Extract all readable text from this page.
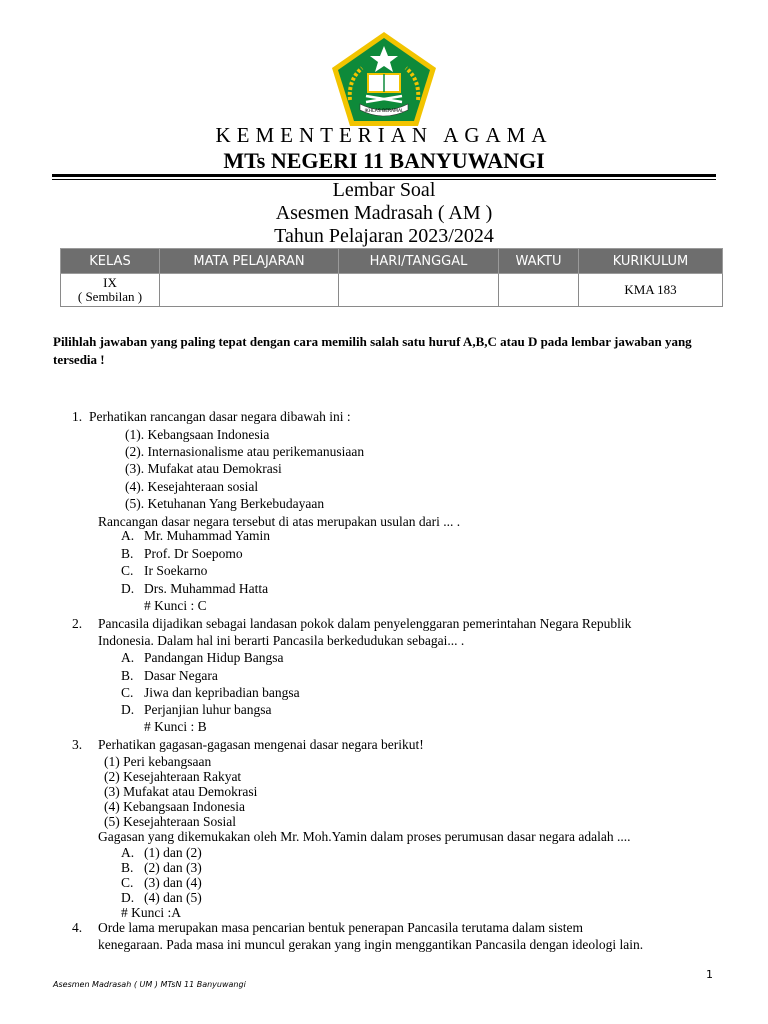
IKHLAS BERAMAL
KEMENTERIAN AGAMA
MTs NEGERI 11 BANYUWANGI
Lembar Soal
Asesmen Madrasah ( AM )
Tahun Pelajaran 2023/2024
KELAS	MATA PELAJARAN	HARI/TANGGAL	WAKTU	KURIKULUM

IX
( Sembilan )				KMA 183
Pilihlah jawaban yang paling tepat dengan cara memilih salah satu huruf A,B,C atau D pada lembar jawaban yang tersedia !
1. Perhatikan rancangan dasar negara dibawah ini :
(1). Kebangsaan Indonesia
(2). Internasionalisme atau perikemanusiaan
(3). Mufakat atau Demokrasi
(4). Kesejahteraan sosial
(5). Ketuhanan Yang Berkebudayaan
Rancangan dasar negara tersebut di atas merupakan usulan dari ... .
A. Mr. Muhammad Yamin
B. Prof. Dr Soepomo
C. Ir Soekarno
D. Drs. Muhammad Hatta
# Kunci : C
2. Pancasila dijadikan sebagai landasan pokok dalam penyelenggaran pemerintahan Negara Republik
Indonesia. Dalam hal ini berarti Pancasila berkedudukan sebagai... .
A. Pandangan Hidup Bangsa
B. Dasar Negara
C. Jiwa dan kepribadian bangsa
D. Perjanjian luhur bangsa
# Kunci : B
3. Perhatikan gagasan-gagasan mengenai dasar negara berikut!
(1) Peri kebangsaan
(2) Kesejahteraan Rakyat
(3) Mufakat atau Demokrasi
(4) Kebangsaan Indonesia
(5) Kesejahteraan Sosial
Gagasan yang dikemukakan oleh Mr. Moh.Yamin dalam proses perumusan dasar negara adalah ....
A. (1) dan (2)
B. (2) dan (3)
C. (3) dan (4)
D. (4) dan (5)
# Kunci :A
4. Orde lama merupakan masa pencarian bentuk penerapan Pancasila terutama dalam sistem
kenegaraan. Pada masa ini muncul gerakan yang ingin menggantikan Pancasila dengan ideologi lain.
1
Asesmen Madrasah ( UM ) MTsN 11 Banyuwangi
